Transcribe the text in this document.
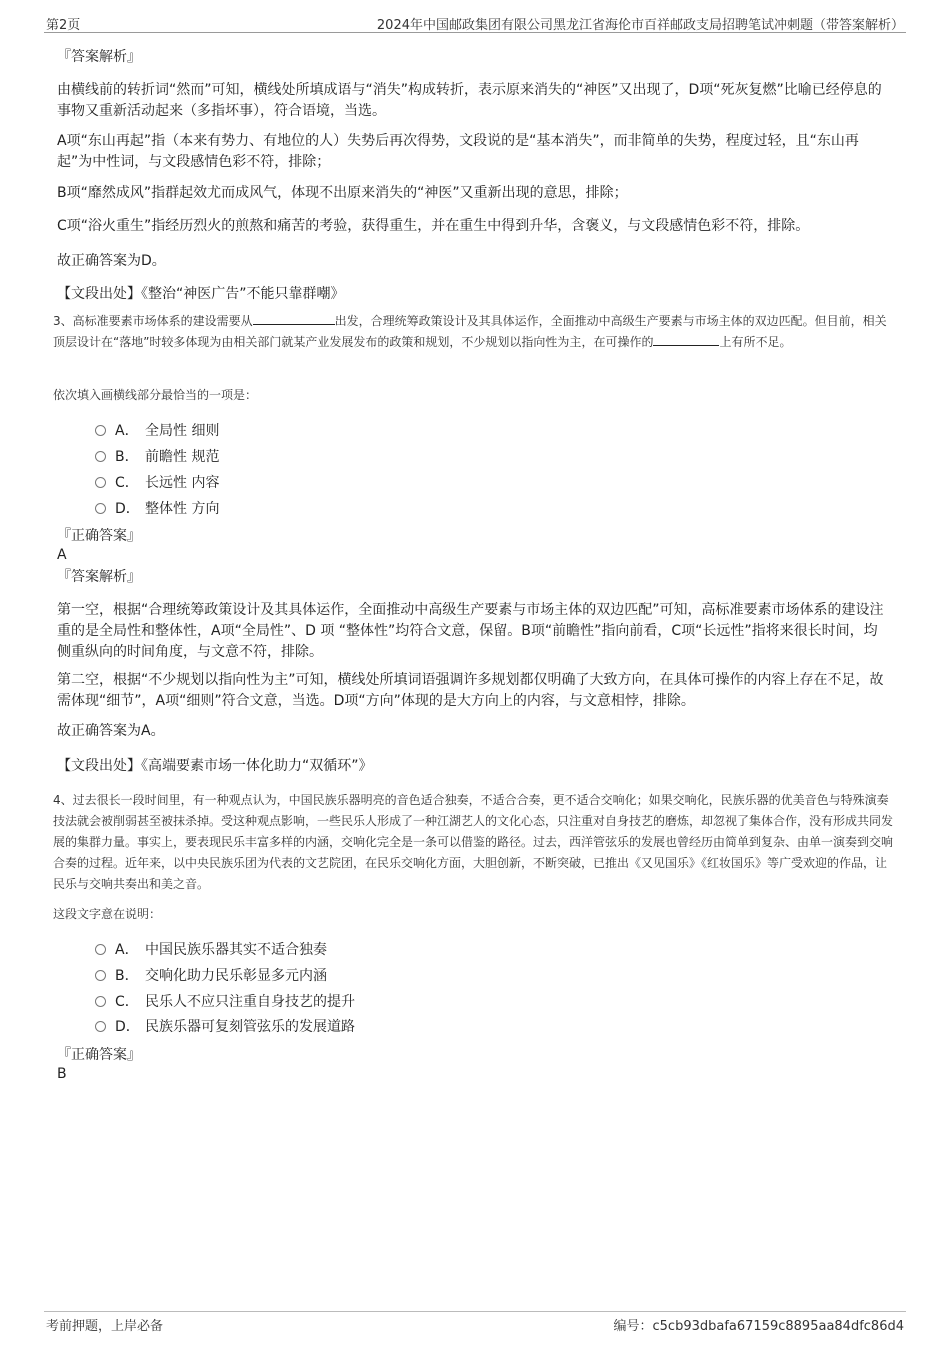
第2页	2024年中国邮政集团有限公司黑龙江省海伦市百祥邮政支局招聘笔试冲刺题（带答案解析）
『答案解析』
由横线前的转折词“然而”可知，横线处所填成语与“消失”构成转折，表示原来消失的“神医”又出现了，D项“死灰复燃”比喻已经停息的事物又重新活动起来（多指坏事），符合语境，当选。
A项“东山再起”指（本来有势力、有地位的人）失势后再次得势，文段说的是“基本消失”，而非简单的失势，程度过轻，且“东山再起”为中性词，与文段感情色彩不符，排除；
B项“靡然成风”指群起效尤而成风气，体现不出原来消失的“神医”又重新出现的意思，排除；
C项“浴火重生”指经历烈火的煎熬和痛苦的考验，获得重生，并在重生中得到升华，含褒义，与文段感情色彩不符，排除。
故正确答案为D。
【文段出处】《整治“神医广告”不能只靠群嘲》
3、高标准要素市场体系的建设需要从	出发，合理统筹政策设计及其具体运作，全面推动中高级生产要素与市场主体的双边匹配。但目前，相关顶层设计在“落地”时较多体现为由相关部门就某产业发展发布的政策和规划，不少规划以指向性为主，在可操作的	上有所不足。
依次填入画横线部分最恰当的一项是：
A． 全局性 细则
B． 前瞻性 规范
C． 长远性 内容
D． 整体性 方向
『正确答案』
A
『答案解析』
第一空，根据“合理统筹政策设计及其具体运作，全面推动中高级生产要素与市场主体的双边匹配”可知，高标准要素市场体系的建设注重的是全局性和整体性，A项“全局性”、D 项 “整体性”均符合文意，保留。B项“前瞻性”指向前看，C项“长远性”指将来很长时间，均侧重纵向的时间角度，与文意不符，排除。
第二空，根据“不少规划以指向性为主”可知，横线处所填词语强调许多规划都仅明确了大致方向，在具体可操作的内容上存在不足，故需体现“细节”，A项“细则”符合文意，当选。D项“方向”体现的是大方向上的内容，与文意相悖，排除。
故正确答案为A。
【文段出处】《高端要素市场一体化助力“双循环”》
4、过去很长一段时间里，有一种观点认为，中国民族乐器明亮的音色适合独奏，不适合合奏，更不适合交响化；如果交响化，民族乐器的优美音色与特殊演奏技法就会被削弱甚至被抹杀掉。受这种观点影响，一些民乐人形成了一种江湖艺人的文化心态，只注重对自身技艺的磨炼，却忽视了集体合作，没有形成共同发展的集群力量。事实上，要表现民乐丰富多样的内涵，交响化完全是一条可以借鉴的路径。过去，西洋管弦乐的发展也曾经历由简单到复杂、由单一演奏到交响合奏的过程。近年来，以中央民族乐团为代表的文艺院团，在民乐交响化方面，大胆创新，不断突破，已推出《又见国乐》《红妆国乐》等广受欢迎的作品，让民乐与交响共奏出和美之音。
这段文字意在说明：
A． 中国民族乐器其实不适合独奏
B． 交响化助力民乐彰显多元内涵
C． 民乐人不应只注重自身技艺的提升
D． 民族乐器可复刻管弦乐的发展道路
『正确答案』
B
考前押题，上岸必备	编号：c5cb93dbafa67159c8895aa84dfc86d4
